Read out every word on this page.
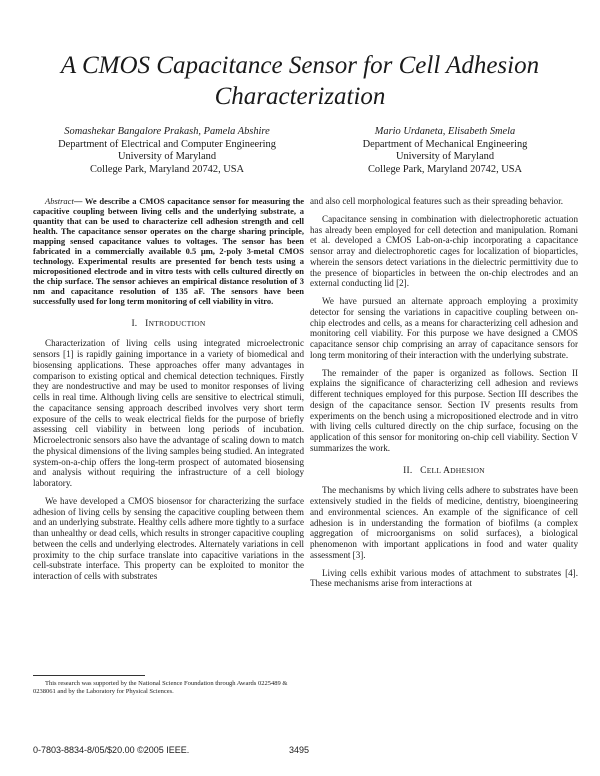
A CMOS Capacitance Sensor for Cell Adhesion
Characterization
Somashekar Bangalore Prakash, Pamela Abshire
Department of Electrical and Computer Engineering
University of Maryland
College Park, Maryland 20742, USA
Mario Urdaneta, Elisabeth Smela
Department of Mechanical Engineering
University of Maryland
College Park, Maryland 20742, USA

Abstract— We describe a CMOS capacitance sensor for measuring the capacitive coupling between living cells and the underlying substrate, a quantity that can be used to characterize cell adhesion strength and cell health. The capacitance sensor operates on the charge sharing principle, mapping sensed capacitance values to voltages. The sensor has been fabricated in a commercially available 0.5 µm, 2-poly 3-metal CMOS technology. Experimental results are presented for bench tests using a micropositioned electrode and in vitro tests with cells cultured directly on the chip surface. The sensor achieves an empirical distance resolution of 3 nm and capacitance resolution of 135 aF. The sensors have been successfully used for long term monitoring of cell viability in vitro.

I. INTRODUCTION

Characterization of living cells using integrated microelectronic sensors [1] is rapidly gaining importance in a variety of biomedical and biosensing applications. These approaches offer many advantages in comparison to existing optical and chemical detection techniques. Firstly they are nondestructive and may be used to monitor responses of living cells in real time. Although living cells are sensitive to electrical stimuli, the capacitance sensing approach described involves very short term exposure of the cells to weak electrical fields for the purpose of briefly assessing cell viability in between long periods of incubation. Microelectronic sensors also have the advantage of scaling down to match the physical dimensions of the living samples being studied. An integrated system-on-a-chip offers the long-term prospect of automated biosensing and analysis without requiring the infrastructure of a cell biology laboratory.

We have developed a CMOS biosensor for characterizing the surface adhesion of living cells by sensing the capacitive coupling between them and an underlying substrate. Healthy cells adhere more tightly to a surface than unhealthy or dead cells, which results in stronger capacitive coupling between the cells and underlying electrodes. Alternately variations in cell proximity to the chip surface translate into capacitive variations in the cell-substrate interface. This property can be exploited to monitor the interaction of cells with substrates

and also cell morphological features such as their spreading behavior.

Capacitance sensing in combination with dielectrophoretic actuation has already been employed for cell detection and manipulation. Romani et al. developed a CMOS Lab-on-a-chip incorporating a capacitance sensor array and dielectrophoretic cages for localization of bioparticles, wherein the sensors detect variations in the dielectric permittivity due to the presence of bioparticles in between the on-chip electrodes and an external conducting lid [2].

We have pursued an alternate approach employing a proximity detector for sensing the variations in capacitive coupling between on-chip electrodes and cells, as a means for characterizing cell adhesion and monitoring cell viability. For this purpose we have designed a CMOS capacitance sensor chip comprising an array of capacitance sensors for long term monitoring of their interaction with the underlying substrate.

The remainder of the paper is organized as follows. Section II explains the significance of characterizing cell adhesion and reviews different techniques employed for this purpose. Section III describes the design of the capacitance sensor. Section IV presents results from experiments on the bench using a micropositioned electrode and in vitro with living cells cultured directly on the chip surface, focusing on the application of this sensor for monitoring on-chip cell viability. Section V summarizes the work.

II. CELL ADHESION

The mechanisms by which living cells adhere to substrates have been extensively studied in the fields of medicine, dentistry, bioengineering and environmental sciences. An example of the significance of cell adhesion is in understanding the formation of biofilms (a complex aggregation of microorganisms on solid surfaces), a biological phenomenon with important applications in food and water quality assessment [3].

Living cells exhibit various modes of attachment to substrates [4]. These mechanisms arise from interactions at

This research was supported by the National Science Foundation through Awards 0225489 & 0238061 and by the Laboratory for Physical Sciences.
0-7803-8834-8/05/$20.00 ©2005 IEEE.	3495
